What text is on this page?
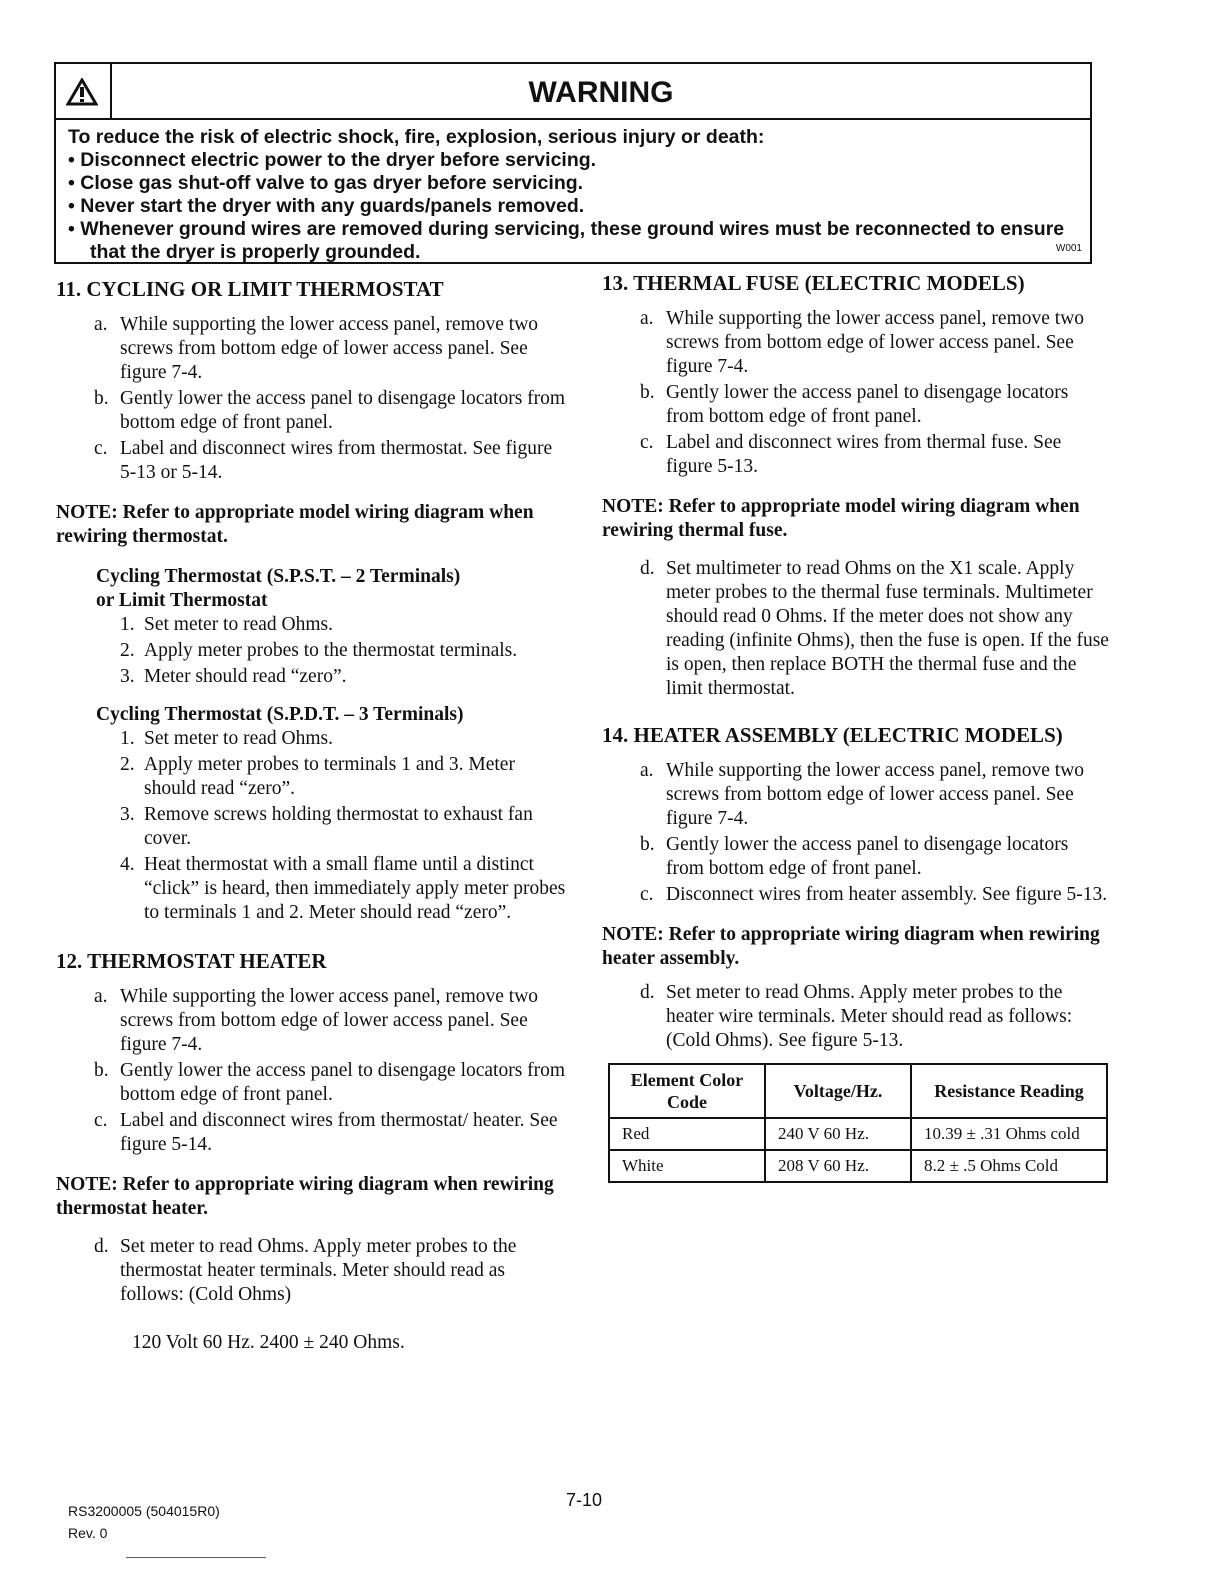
WARNING
To reduce the risk of electric shock, fire, explosion, serious injury or death:
• Disconnect electric power to the dryer before servicing.
• Close gas shut-off valve to gas dryer before servicing.
• Never start the dryer with any guards/panels removed.
• Whenever ground wires are removed during servicing, these ground wires must be reconnected to ensure that the dryer is properly grounded.	W001
11. CYCLING OR LIMIT THERMOSTAT
a. While supporting the lower access panel, remove two screws from bottom edge of lower access panel. See figure 7-4.
b. Gently lower the access panel to disengage locators from bottom edge of front panel.
c. Label and disconnect wires from thermostat. See figure 5-13 or 5-14.
NOTE: Refer to appropriate model wiring diagram when rewiring thermostat.
Cycling Thermostat (S.P.S.T. – 2 Terminals)
or Limit Thermostat
1. Set meter to read Ohms.
2. Apply meter probes to the thermostat terminals.
3. Meter should read “zero”.
Cycling Thermostat (S.P.D.T. – 3 Terminals)
1. Set meter to read Ohms.
2. Apply meter probes to terminals 1 and 3. Meter should read “zero”.
3. Remove screws holding thermostat to exhaust fan cover.
4. Heat thermostat with a small flame until a distinct “click” is heard, then immediately apply meter probes to terminals 1 and 2. Meter should read “zero”.
12. THERMOSTAT HEATER
a. While supporting the lower access panel, remove two screws from bottom edge of lower access panel. See figure 7-4.
b. Gently lower the access panel to disengage locators from bottom edge of front panel.
c. Label and disconnect wires from thermostat/ heater. See figure 5-14.
NOTE: Refer to appropriate wiring diagram when rewiring thermostat heater.
d. Set meter to read Ohms. Apply meter probes to the thermostat heater terminals. Meter should read as follows: (Cold Ohms)
120 Volt 60 Hz. 2400 ± 240 Ohms.
13. THERMAL FUSE (ELECTRIC MODELS)
a. While supporting the lower access panel, remove two screws from bottom edge of lower access panel. See figure 7-4.
b. Gently lower the access panel to disengage locators from bottom edge of front panel.
c. Label and disconnect wires from thermal fuse. See figure 5-13.
NOTE: Refer to appropriate model wiring diagram when rewiring thermal fuse.
d. Set multimeter to read Ohms on the X1 scale. Apply meter probes to the thermal fuse terminals. Multimeter should read 0 Ohms. If the meter does not show any reading (infinite Ohms), then the fuse is open. If the fuse is open, then replace BOTH the thermal fuse and the limit thermostat.
14. HEATER ASSEMBLY (ELECTRIC MODELS)
a. While supporting the lower access panel, remove two screws from bottom edge of lower access panel. See figure 7-4.
b. Gently lower the access panel to disengage locators from bottom edge of front panel.
c. Disconnect wires from heater assembly. See figure 5-13.
NOTE: Refer to appropriate wiring diagram when rewiring heater assembly.
d. Set meter to read Ohms. Apply meter probes to the heater wire terminals. Meter should read as follows: (Cold Ohms). See figure 5-13.
Element Color Code	Voltage/Hz.	Resistance Reading
Red	240 V 60 Hz.	10.39 ± .31 Ohms cold
White	208 V 60 Hz.	8.2 ± .5 Ohms Cold
RS3200005 (504015R0)
Rev. 0
7-10
